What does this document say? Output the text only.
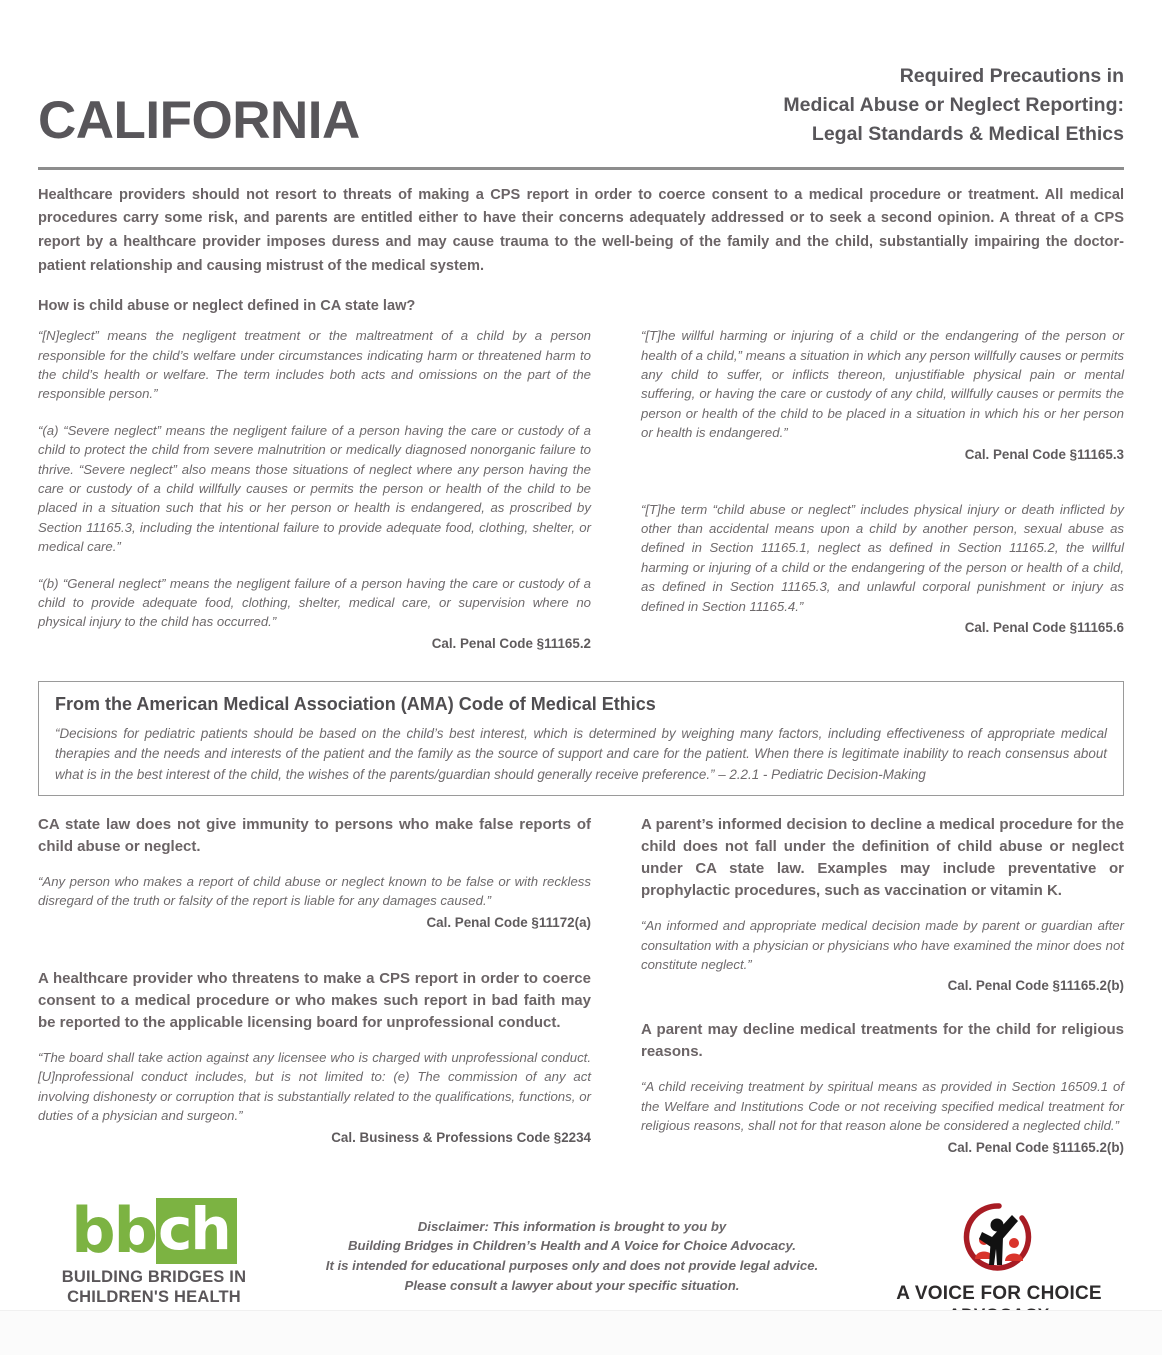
CALIFORNIA
Required Precautions in
Medical Abuse or Neglect Reporting:
Legal Standards & Medical Ethics
Healthcare providers should not resort to threats of making a CPS report in order to coerce consent to a medical procedure or treatment. All medical procedures carry some risk, and parents are entitled either to have their concerns adequately addressed or to seek a second opinion. A threat of a CPS report by a healthcare provider imposes duress and may cause trauma to the well-being of the family and the child, substantially impairing the doctor-patient relationship and causing mistrust of the medical system.
How is child abuse or neglect defined in CA state law?

“[N]eglect” means the negligent treatment or the maltreatment of a child by a person responsible for the child’s welfare under circumstances indicating harm or threatened harm to the child’s health or welfare. The term includes both acts and omissions on the part of the responsible person.”

“(a) “Severe neglect” means the negligent failure of a person having the care or custody of a child to protect the child from severe malnutrition or medically diagnosed nonorganic failure to thrive. “Severe neglect” also means those situations of neglect where any person having the care or custody of a child willfully causes or permits the person or health of the child to be placed in a situation such that his or her person or health is endangered, as proscribed by Section 11165.3, including the intentional failure to provide adequate food, clothing, shelter, or medical care.”

“(b) “General neglect” means the negligent failure of a person having the care or custody of a child to provide adequate food, clothing, shelter, medical care, or supervision where no physical injury to the child has occurred.”

Cal. Penal Code §11165.2

“[T]he willful harming or injuring of a child or the endangering of the person or health of a child,” means a situation in which any person willfully causes or permits any child to suffer, or inflicts thereon, unjustifiable physical pain or mental suffering, or having the care or custody of any child, willfully causes or permits the person or health of the child to be placed in a situation in which his or her person or health is endangered.”

Cal. Penal Code §11165.3

“[T]he term “child abuse or neglect” includes physical injury or death inflicted by other than accidental means upon a child by another person, sexual abuse as defined in Section 11165.1, neglect as defined in Section 11165.2, the willful harming or injuring of a child or the endangering of the person or health of a child, as defined in Section 11165.3, and unlawful corporal punishment or injury as defined in Section 11165.4.”

Cal. Penal Code §11165.6

From the American Medical Association (AMA) Code of Medical Ethics
“Decisions for pediatric patients should be based on the child’s best interest, which is determined by weighing many factors, including effectiveness of appropriate medical therapies and the needs and interests of the patient and the family as the source of support and care for the patient. When there is legitimate inability to reach consensus about what is in the best interest of the child, the wishes of the parents/guardian should generally receive preference.” – 2.2.1 - Pediatric Decision-Making

CA state law does not give immunity to persons who make false reports of child abuse or neglect.

“Any person who makes a report of child abuse or neglect known to be false or with reckless disregard of the truth or falsity of the report is liable for any damages caused.”

Cal. Penal Code §11172(a)

A healthcare provider who threatens to make a CPS report in order to coerce consent to a medical procedure or who makes such report in bad faith may be reported to the applicable licensing board for unprofessional conduct.

“The board shall take action against any licensee who is charged with unprofessional conduct. [U]nprofessional conduct includes, but is not limited to: (e) The commission of any act involving dishonesty or corruption that is substantially related to the qualifications, functions, or duties of a physician and surgeon.”

Cal. Business & Professions Code §2234

A parent’s informed decision to decline a medical procedure for the child does not fall under the definition of child abuse or neglect under CA state law. Examples may include preventative or prophylactic procedures, such as vaccination or vitamin K.

“An informed and appropriate medical decision made by parent or guardian after consultation with a physician or physicians who have examined the minor does not constitute neglect.”

Cal. Penal Code §11165.2(b)

A parent may decline medical treatments for the child for religious reasons.

“A child receiving treatment by spiritual means as provided in Section 16509.1 of the Welfare and Institutions Code or not receiving specified medical treatment for religious reasons, shall not for that reason alone be considered a neglected child.”

Cal. Penal Code §11165.2(b)

bb ch
BUILDING BRIDGES IN
CHILDREN'S HEALTH
Disclaimer: This information is brought to you by
Building Bridges in Children’s Health and A Voice for Choice Advocacy.
It is intended for educational purposes only and does not provide legal advice.
Please consult a lawyer about your specific situation.	A VOICE FOR CHOICE
